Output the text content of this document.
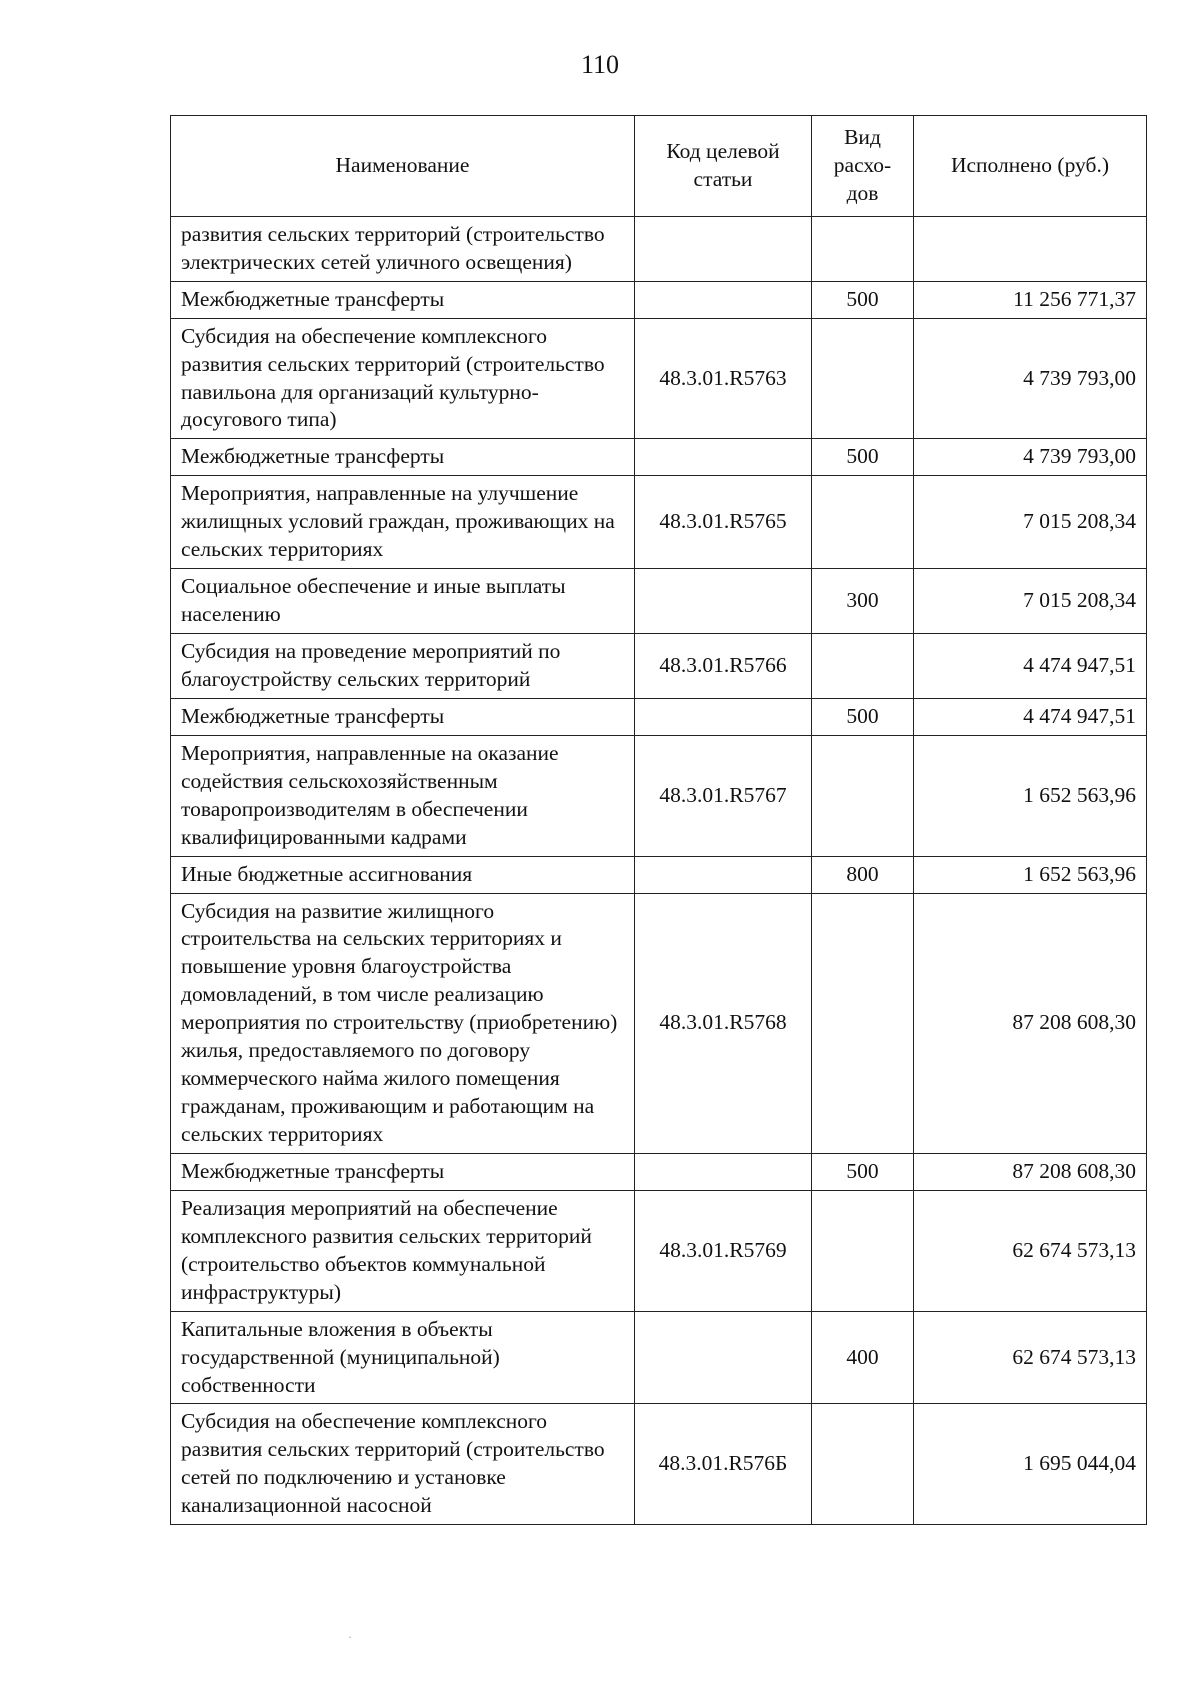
110
Наименование	Код целевой статьи	Вид расхо-дов	Исполнено (руб.)
развития сельских территорий (строительство электрических сетей уличного освещения)			
Межбюджетные трансферты		500	11 256 771,37
Субсидия на обеспечение комплексного развития сельских территорий (строительство павильона для организаций культурно-досугового типа)	48.3.01.R5763		4 739 793,00
Межбюджетные трансферты		500	4 739 793,00
Мероприятия, направленные на улучшение жилищных условий граждан, проживающих на сельских территориях	48.3.01.R5765		7 015 208,34
Социальное обеспечение и иные выплаты населению		300	7 015 208,34
Субсидия на проведение мероприятий по благоустройству сельских территорий	48.3.01.R5766		4 474 947,51
Межбюджетные трансферты		500	4 474 947,51
Мероприятия, направленные на оказание содействия сельскохозяйственным товаропроизводителям в обеспечении квалифицированными кадрами	48.3.01.R5767		1 652 563,96
Иные бюджетные ассигнования		800	1 652 563,96
Субсидия на развитие жилищного строительства на сельских территориях и повышение уровня благоустройства домовладений, в том числе реализацию мероприятия по строительству (приобретению) жилья, предоставляемого по договору коммерческого найма жилого помещения гражданам, проживающим и работающим на сельских территориях	48.3.01.R5768		87 208 608,30
Межбюджетные трансферты		500	87 208 608,30
Реализация мероприятий на обеспечение комплексного развития сельских территорий (строительство объектов коммунальной инфраструктуры)	48.3.01.R5769		62 674 573,13
Капитальные вложения в объекты государственной (муниципальной) собственности		400	62 674 573,13
Субсидия на обеспечение комплексного развития сельских территорий (строительство сетей по подключению и установке канализационной насосной	48.3.01.R576Б		1 695 044,04
·
